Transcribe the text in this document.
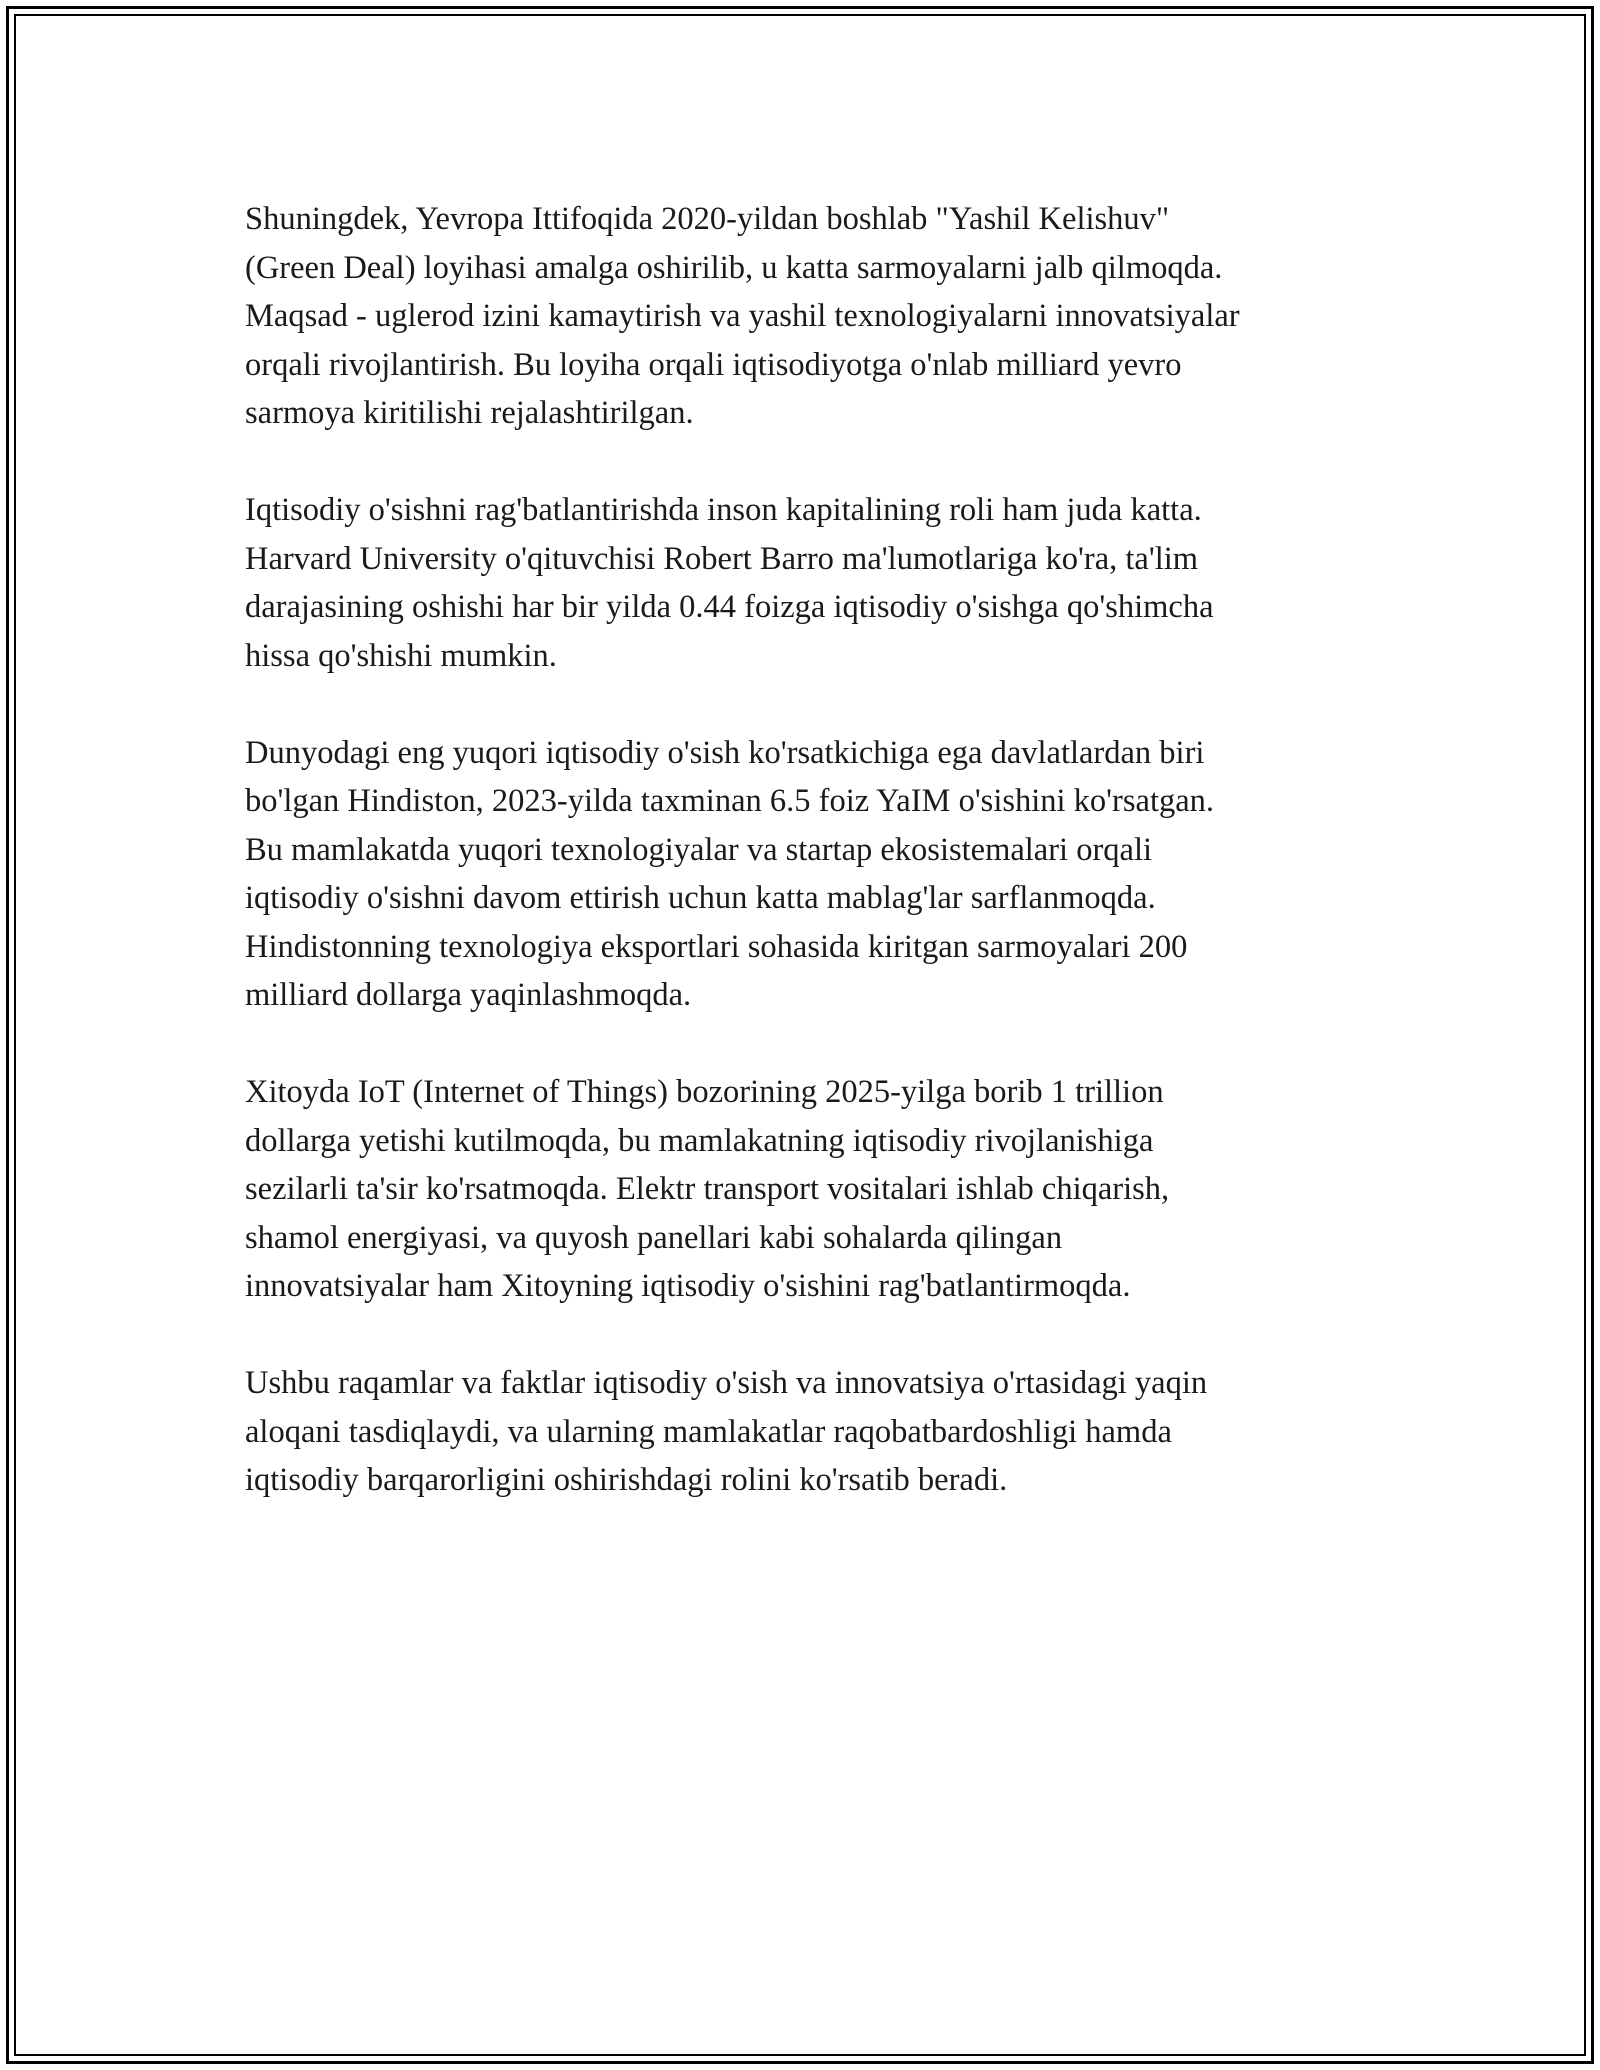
Shuningdek, Yevropa Ittifoqida 2020-yildan boshlab "Yashil Kelishuv"
(Green Deal) loyihasi amalga oshirilib, u katta sarmoyalarni jalb qilmoqda.
Maqsad - uglerod izini kamaytirish va yashil texnologiyalarni innovatsiyalar
orqali rivojlantirish. Bu loyiha orqali iqtisodiyotga o'nlab milliard yevro
sarmoya kiritilishi rejalashtirilgan.

Iqtisodiy o'sishni rag'batlantirishda inson kapitalining roli ham juda katta.
Harvard University o'qituvchisi Robert Barro ma'lumotlariga ko'ra, ta'lim
darajasining oshishi har bir yilda 0.44 foizga iqtisodiy o'sishga qo'shimcha
hissa qo'shishi mumkin.

Dunyodagi eng yuqori iqtisodiy o'sish ko'rsatkichiga ega davlatlardan biri
bo'lgan Hindiston, 2023-yilda taxminan 6.5 foiz YaIM o'sishini ko'rsatgan.
Bu mamlakatda yuqori texnologiyalar va startap ekosistemalari orqali
iqtisodiy o'sishni davom ettirish uchun katta mablag'lar sarflanmoqda.
Hindistonning texnologiya eksportlari sohasida kiritgan sarmoyalari 200
milliard dollarga yaqinlashmoqda.

Xitoyda IoT (Internet of Things) bozorining 2025-yilga borib 1 trillion
dollarga yetishi kutilmoqda, bu mamlakatning iqtisodiy rivojlanishiga
sezilarli ta'sir ko'rsatmoqda. Elektr transport vositalari ishlab chiqarish,
shamol energiyasi, va quyosh panellari kabi sohalarda qilingan
innovatsiyalar ham Xitoyning iqtisodiy o'sishini rag'batlantirmoqda.

Ushbu raqamlar va faktlar iqtisodiy o'sish va innovatsiya o'rtasidagi yaqin
aloqani tasdiqlaydi, va ularning mamlakatlar raqobatbardoshligi hamda
iqtisodiy barqarorligini oshirishdagi rolini ko'rsatib beradi.
